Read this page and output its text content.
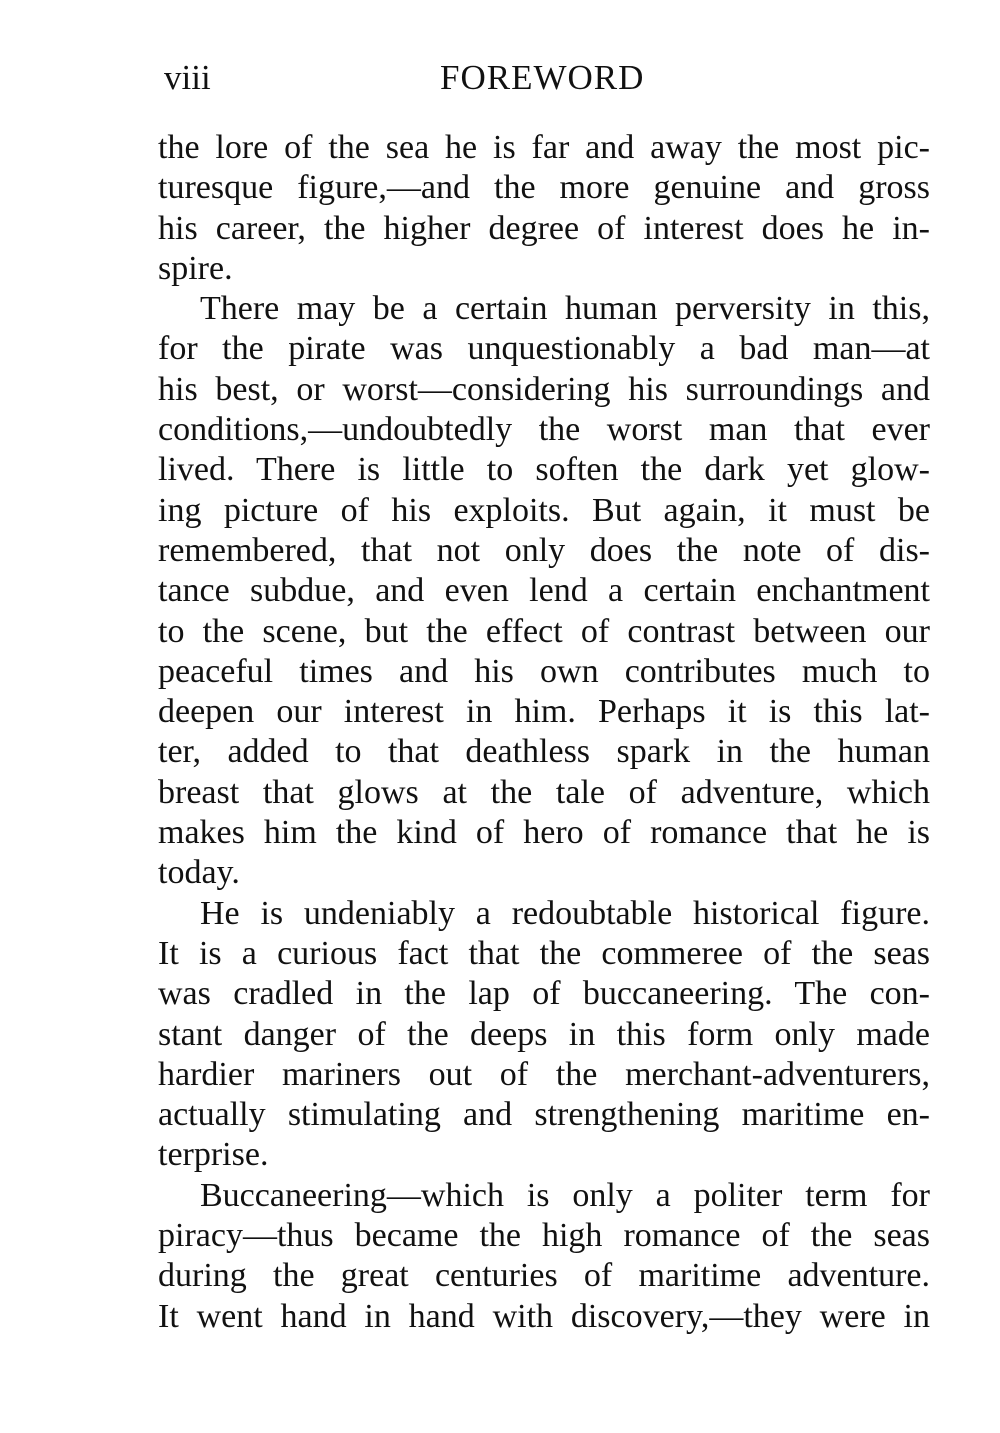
viii	FOREWORD
the lore of the sea he is far and away the most pic-
turesque figure,—and the more genuine and gross
his career, the higher degree of interest does he in-
spire.
There may be a certain human perversity in this,
for the pirate was unquestionably a bad man—at
his best, or worst—considering his surroundings and
conditions,—undoubtedly the worst man that ever
lived. There is little to soften the dark yet glow-
ing picture of his exploits. But again, it must be
remembered, that not only does the note of dis-
tance subdue, and even lend a certain enchantment
to the scene, but the effect of contrast between our
peaceful times and his own contributes much to
deepen our interest in him. Perhaps it is this lat-
ter, added to that deathless spark in the human
breast that glows at the tale of adventure, which
makes him the kind of hero of romance that he is
today.
He is undeniably a redoubtable historical figure.
It is a curious fact that the commeree of the seas
was cradled in the lap of buccaneering. The con-
stant danger of the deeps in this form only made
hardier mariners out of the merchant-adventurers,
actually stimulating and strengthening maritime en-
terprise.
Buccaneering—which is only a politer term for
piracy—thus became the high romance of the seas
during the great centuries of maritime adventure.
It went hand in hand with discovery,—they were in
